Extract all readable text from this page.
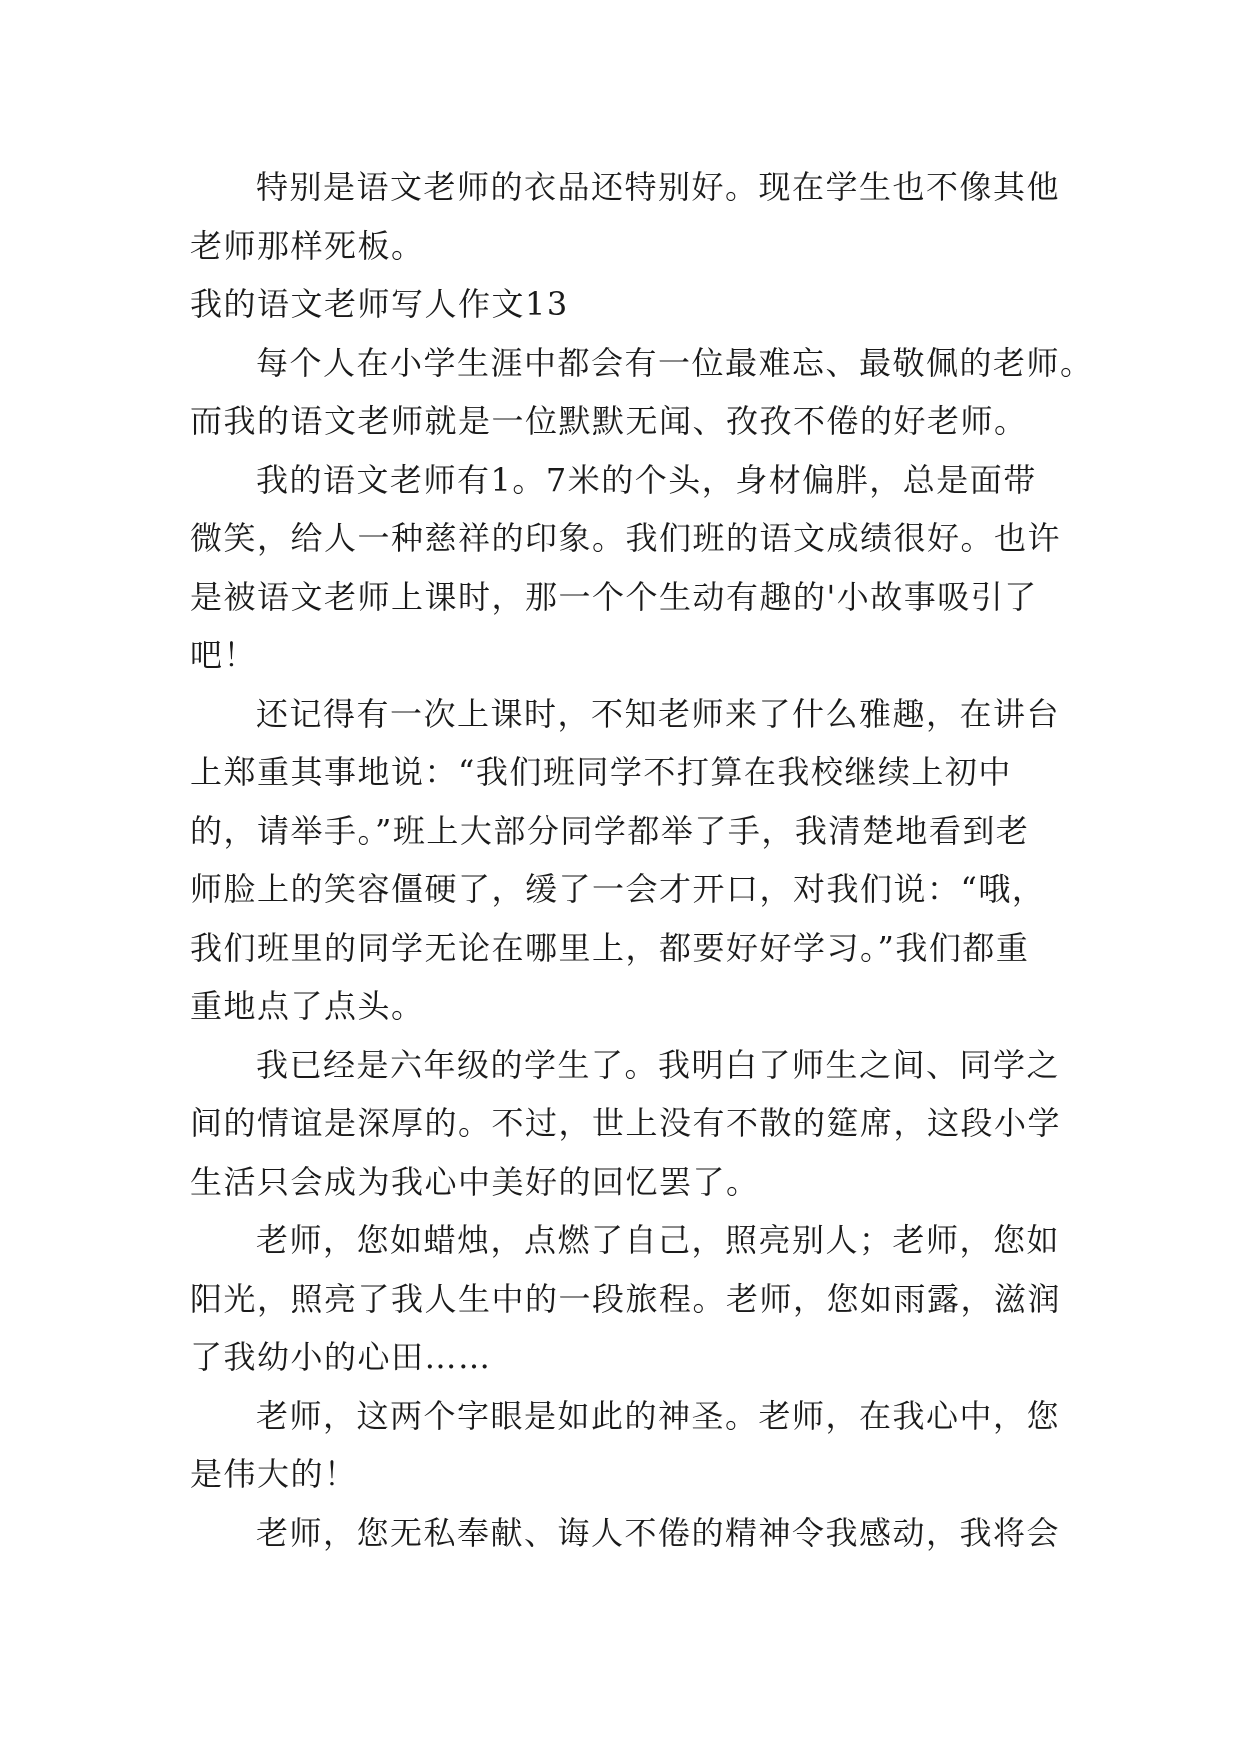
特别是语文老师的衣品还特别好。现在学生也不像其他
老师那样死板。
我的语文老师写人作文13
每个人在小学生涯中都会有一位最难忘、最敬佩的老师。
而我的语文老师就是一位默默无闻、孜孜不倦的好老师。
我的语文老师有1。7米的个头，身材偏胖，总是面带
微笑，给人一种慈祥的印象。我们班的语文成绩很好。也许
是被语文老师上课时，那一个个生动有趣的'小故事吸引了
吧！
还记得有一次上课时，不知老师来了什么雅趣，在讲台
上郑重其事地说：“我们班同学不打算在我校继续上初中
的，请举手。”班上大部分同学都举了手，我清楚地看到老
师脸上的笑容僵硬了，缓了一会才开口，对我们说：“哦，
我们班里的同学无论在哪里上，都要好好学习。”我们都重
重地点了点头。
我已经是六年级的学生了。我明白了师生之间、同学之
间的情谊是深厚的。不过，世上没有不散的筵席，这段小学
生活只会成为我心中美好的回忆罢了。
老师，您如蜡烛，点燃了自己，照亮别人；老师，您如
阳光，照亮了我人生中的一段旅程。老师，您如雨露，滋润
了我幼小的心田……
老师，这两个字眼是如此的神圣。老师，在我心中，您
是伟大的！
老师，您无私奉献、诲人不倦的精神令我感动，我将会
